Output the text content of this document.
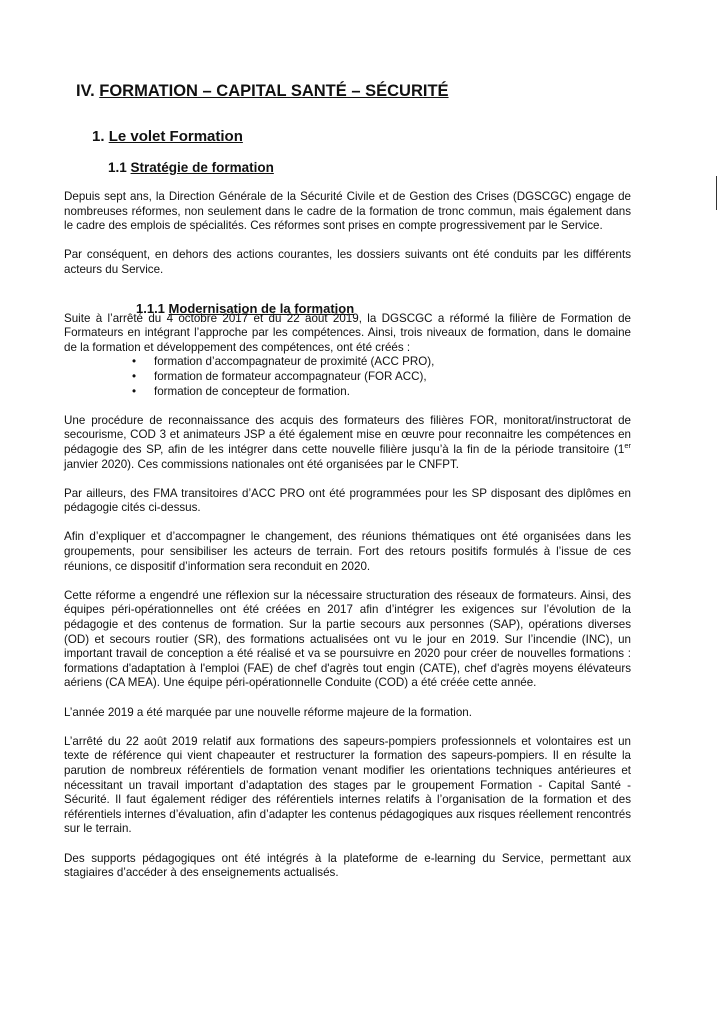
IV. FORMATION – CAPITAL SANTÉ – SÉCURITÉ
1. Le volet Formation
1.1 Stratégie de formation
1.1.1 Modernisation de la formation

Depuis sept ans, la Direction Générale de la Sécurité Civile et de Gestion des Crises (DGSCGC) engage de nombreuses réformes, non seulement dans le cadre de la formation de tronc commun, mais également dans le cadre des emplois de spécialités. Ces réformes sont prises en compte progressivement par le Service.

Par conséquent, en dehors des actions courantes, les dossiers suivants ont été conduits par les différents acteurs du Service.

Suite à l’arrêté du 4 octobre 2017 et du 22 août 2019, la DGSCGC a réformé la filière de Formation de Formateurs en intégrant l’approche par les compétences. Ainsi, trois niveaux de formation, dans le domaine de la formation et développement des compétences, ont été créés :

• formation d’accompagnateur de proximité (ACC PRO),
• formation de formateur accompagnateur (FOR ACC),
• formation de concepteur de formation.

Une procédure de reconnaissance des acquis des formateurs des filières FOR, monitorat/instructorat de secourisme, COD 3 et animateurs JSP a été également mise en œuvre pour reconnaitre les compétences en pédagogie des SP, afin de les intégrer dans cette nouvelle filière jusqu’à la fin de la période transitoire (1er janvier 2020). Ces commissions nationales ont été organisées par le CNFPT.

Par ailleurs, des FMA transitoires d’ACC PRO ont été programmées pour les SP disposant des diplômes en pédagogie cités ci-dessus.

Afin d’expliquer et d’accompagner le changement, des réunions thématiques ont été organisées dans les groupements, pour sensibiliser les acteurs de terrain. Fort des retours positifs formulés à l’issue de ces réunions, ce dispositif d’information sera reconduit en 2020.

Cette réforme a engendré une réflexion sur la nécessaire structuration des réseaux de formateurs. Ainsi, des équipes péri-opérationnelles ont été créées en 2017 afin d’intégrer les exigences sur l’évolution de la pédagogie et des contenus de formation. Sur la partie secours aux personnes (SAP), opérations diverses (OD) et secours routier (SR), des formations actualisées ont vu le jour en 2019. Sur l’incendie (INC), un important travail de conception a été réalisé et va se poursuivre en 2020 pour créer de nouvelles formations : formations d'adaptation à l'emploi (FAE) de chef d'agrès tout engin (CATE), chef d'agrès moyens élévateurs aériens (CA MEA). Une équipe péri-opérationnelle Conduite (COD) a été créée cette année.

L’année 2019 a été marquée par une nouvelle réforme majeure de la formation.

L’arrêté du 22 août 2019 relatif aux formations des sapeurs-pompiers professionnels et volontaires est un texte de référence qui vient chapeauter et restructurer la formation des sapeurs-pompiers. Il en résulte la parution de nombreux référentiels de formation venant modifier les orientations techniques antérieures et nécessitant un travail important d’adaptation des stages par le groupement Formation - Capital Santé - Sécurité. Il faut également rédiger des référentiels internes relatifs à l’organisation de la formation et des référentiels internes d’évaluation, afin d’adapter les contenus pédagogiques aux risques réellement rencontrés sur le terrain.

Des supports pédagogiques ont été intégrés à la plateforme de e-learning du Service, permettant aux stagiaires d’accéder à des enseignements actualisés.
